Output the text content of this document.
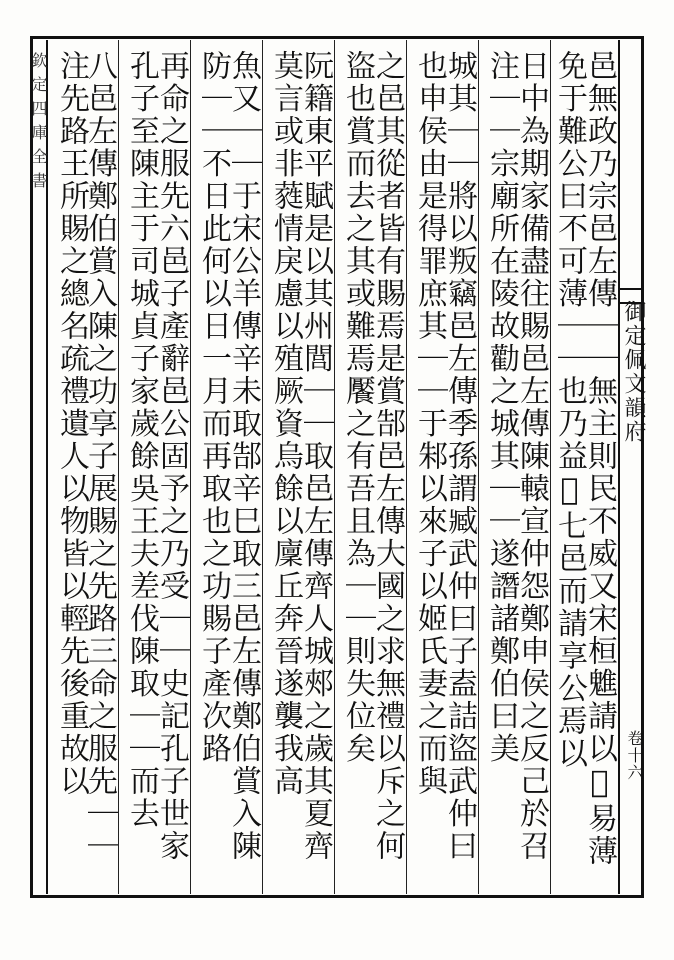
欽定四庫全書
御定佩文韻府
卷十六
邑無政乃宗邑左傳｜｜無主則民不威又宋桓魋請以𥡷易薄
免于難公曰不可薄｜｜也乃益𥡷七邑而請享公焉以
日中為期家備盡往賜邑左傳陳轅宣仲怨鄭申侯之反己於召
注｜｜宗廟所在陵故勸之城其｜｜遂譖諸鄭伯曰美
城其｜｜將以叛竊邑左傳季孫謂臧武仲曰子盍詰盜武仲曰
也申侯由是得罪庶其｜｜于邾以來子以姬氏妻之而與
之邑其從者皆有賜焉是賞郜邑左傳大國之求無禮以斥之何
盜也賞而去之其或難焉饜之有吾且為｜｜則失位矣
阮籍東平賦是以其州閭｜｜取邑左傳齊人城郟之歲其夏齊
莫言或非蕤情戾慮以殖厥資烏餘以廩丘奔晉遂襲我高
魚又｜｜于宋公羊傳辛未取郜辛巳取三邑左傳鄭伯賞入陳
防｜｜不日此何以日一月而再取也之功賜子產次路
再命之服先六邑子產辭邑公固予之乃受｜｜史記孔子世家
孔子至陳主于司城貞子家歲餘吳王夫差伐陳取｜｜而去
八邑左傳鄭伯賞入陳之功享子展賜之先路三命之服先｜｜
注先路王所賜之總名疏禮遺人以物皆以輕先後重故以
